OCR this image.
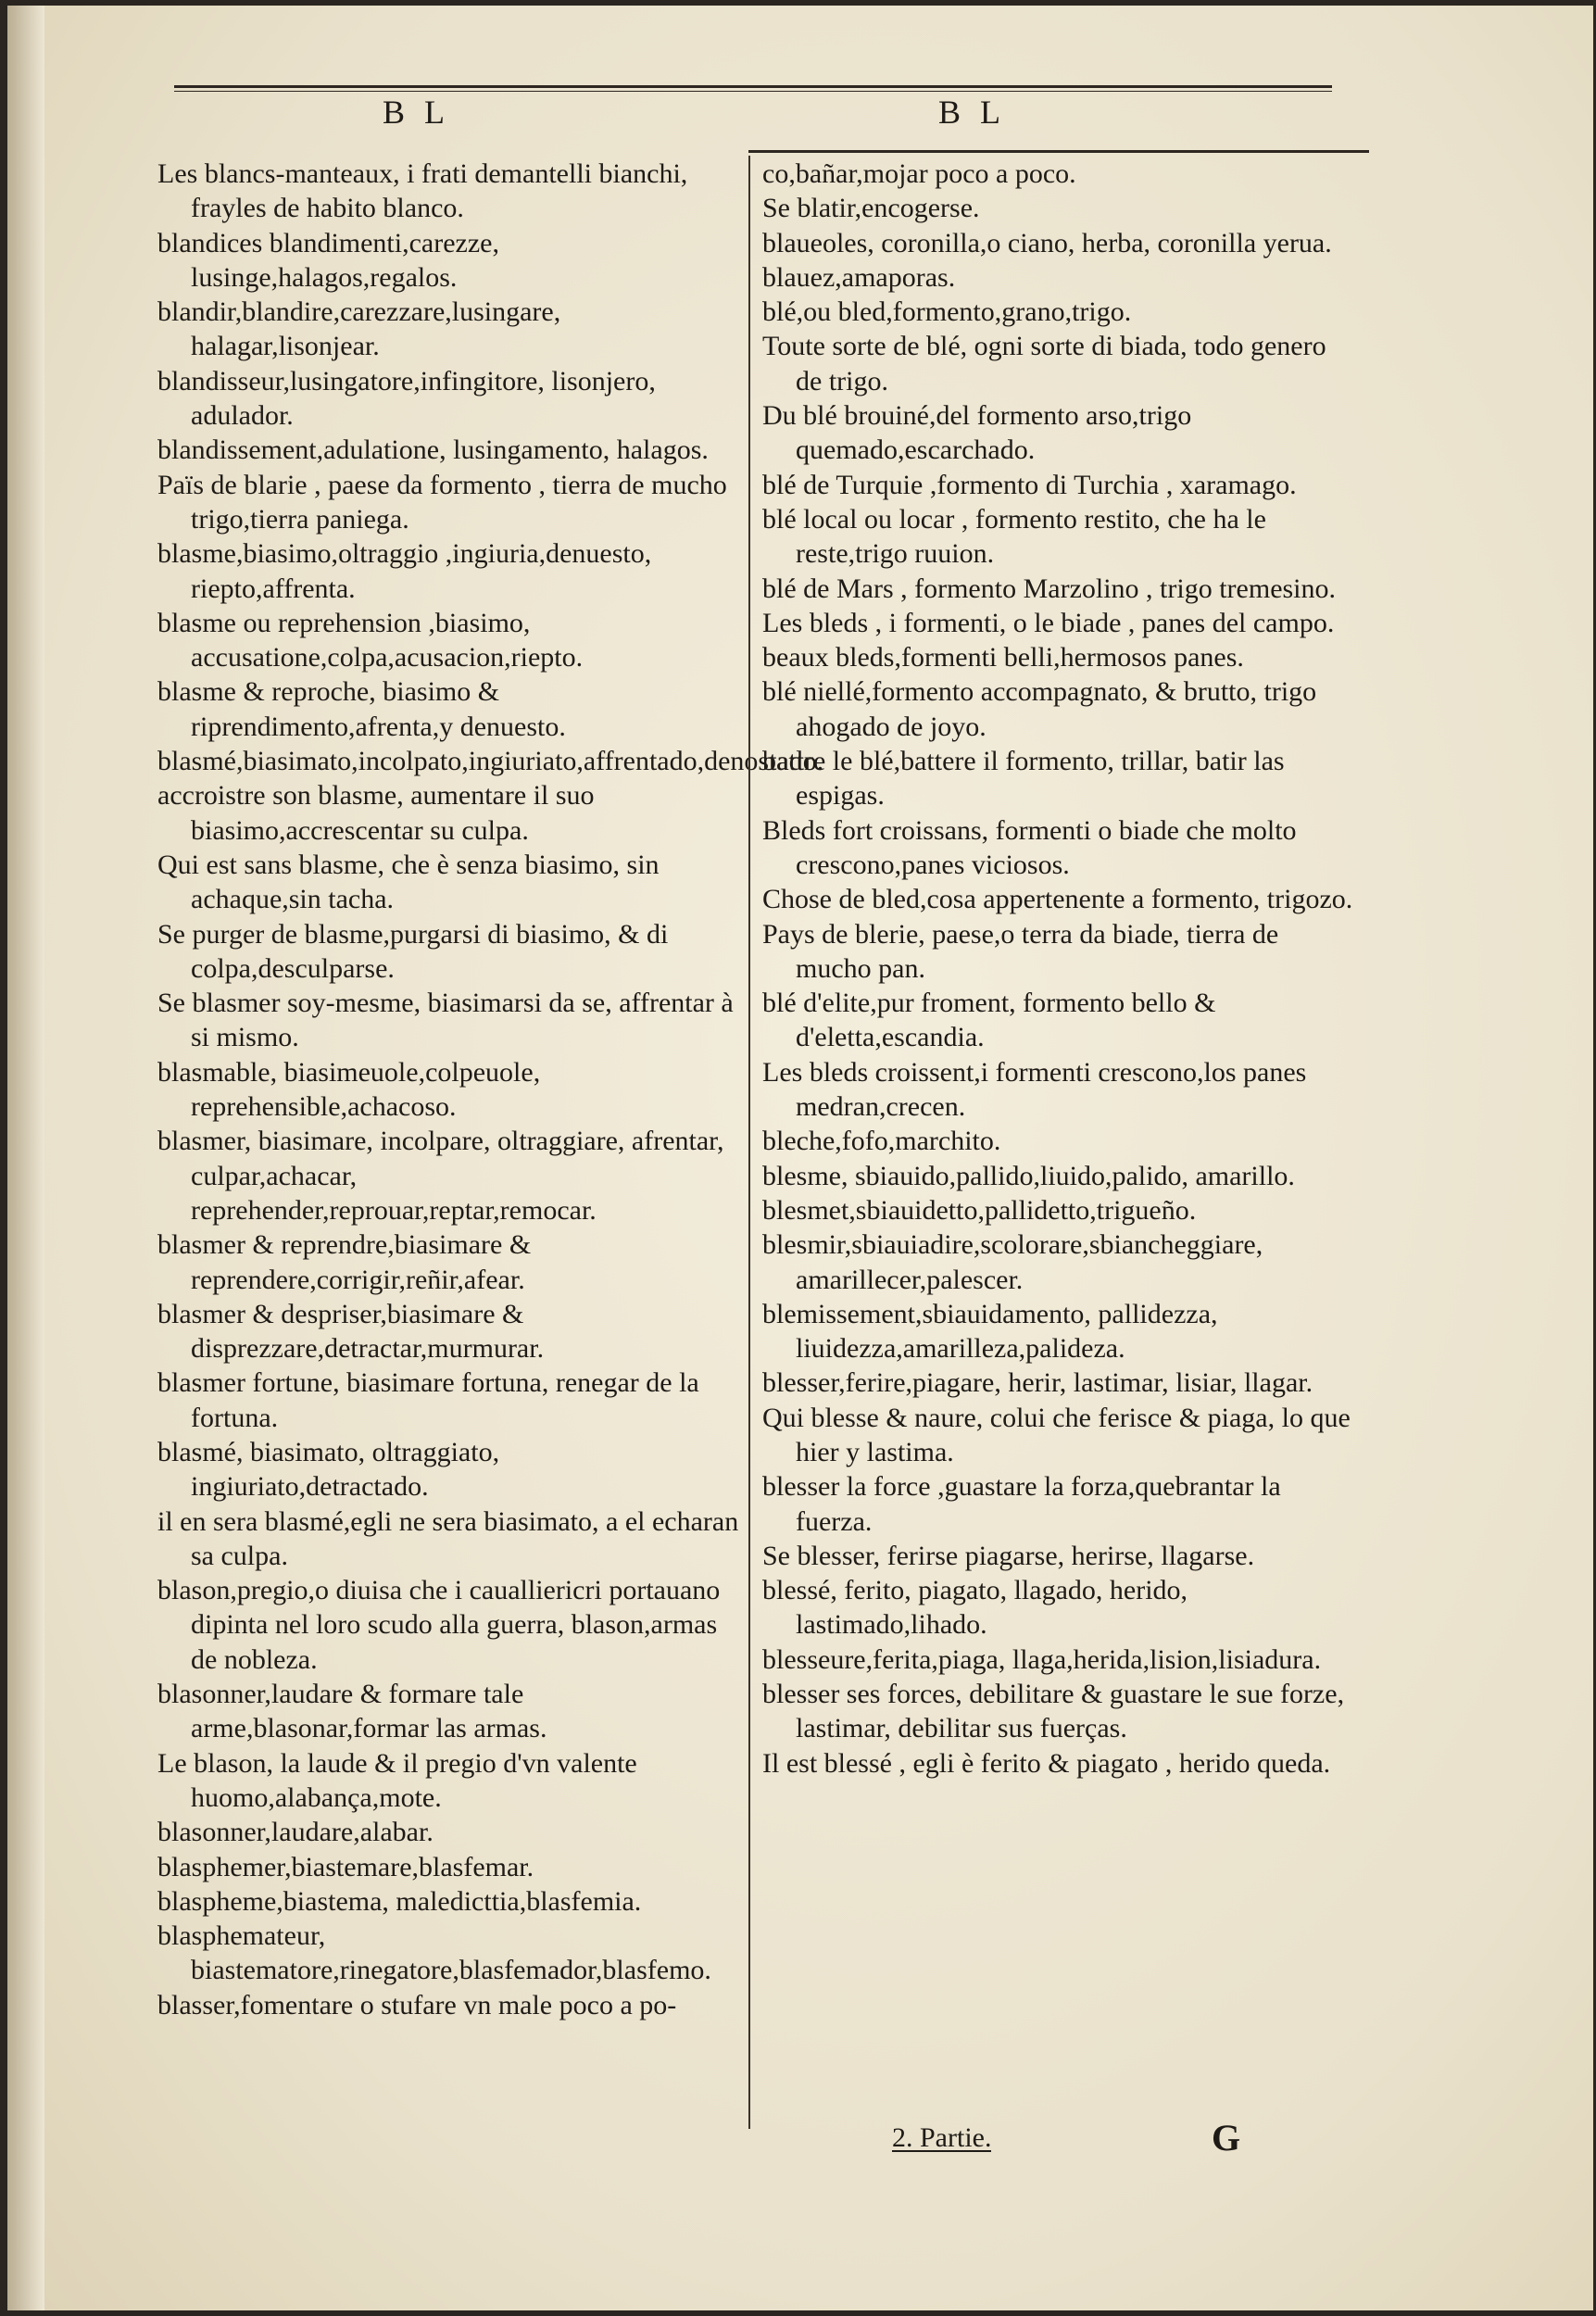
B L	B L

Les blancs-manteaux, i frati demantelli bianchi, frayles de habito blanco.

blandices blandimenti,carezze, lusinge,halagos,regalos.

blandir,blandire,carezzare,lusingare, halagar,lisonjear.

blandisseur,lusingatore,infingitore, lisonjero, adulador.

blandissement,adulatione, lusingamento, halagos.

Païs de blarie , paese da formento , tierra de mucho trigo,tierra paniega.

blasme,biasimo,oltraggio ,ingiuria,denuesto, riepto,affrenta.

blasme ou reprehension ,biasimo, accusatione,colpa,acusacion,riepto.

blasme & reproche, biasimo & riprendimento,afrenta,y denuesto.

blasmé,biasimato,incolpato,ingiuriato,affrentado,denostado.

accroistre son blasme, aumentare il suo biasimo,accrescentar su culpa.

Qui est sans blasme, che è senza biasimo, sin achaque,sin tacha.

Se purger de blasme,purgarsi di biasimo, & di colpa,desculparse.

Se blasmer soy-mesme, biasimarsi da se, affrentar à si mismo.

blasmable, biasimeuole,colpeuole, reprehensible,achacoso.

blasmer, biasimare, incolpare, oltraggiare, afrentar, culpar,achacar, reprehender,reprouar,reptar,remocar.

blasmer & reprendre,biasimare & reprendere,corrigir,reñir,afear.

blasmer & despriser,biasimare & disprezzare,detractar,murmurar.

blasmer fortune, biasimare fortuna, renegar de la fortuna.

blasmé, biasimato, oltraggiato, ingiuriato,detractado.

il en sera blasmé,egli ne sera biasimato, a el echaran sa culpa.

blason,pregio,o diuisa che i caualliericri portauano dipinta nel loro scudo alla guerra, blason,armas de nobleza.

blasonner,laudare & formare tale arme,blasonar,formar las armas.

Le blason, la laude & il pregio d'vn valente huomo,alabança,mote.

blasonner,laudare,alabar.

blasphemer,biastemare,blasfemar.

blaspheme,biastema, maledicttia,blasfemia.

blasphemateur, biastematore,rinegatore,blasfemador,blasfemo.

blasser,fomentare o stufare vn male poco a po-

co,bañar,mojar poco a poco.

Se blatir,encogerse.

blaueoles, coronilla,o ciano, herba, coronilla yerua.

blauez,amaporas.

blé,ou bled,formento,grano,trigo.

Toute sorte de blé, ogni sorte di biada, todo genero de trigo.

Du blé brouiné,del formento arso,trigo quemado,escarchado.

blé de Turquie ,formento di Turchia , xaramago.

blé local ou locar , formento restito, che ha le reste,trigo ruuion.

blé de Mars , formento Marzolino , trigo tremesino.

Les bleds , i formenti, o le biade , panes del campo.

beaux bleds,formenti belli,hermosos panes.

blé niellé,formento accompagnato, & brutto, trigo ahogado de joyo.

battre le blé,battere il formento, trillar, batir las espigas.

Bleds fort croissans, formenti o biade che molto crescono,panes viciosos.

Chose de bled,cosa appertenente a formento, trigozo.

Pays de blerie, paese,o terra da biade, tierra de mucho pan.

blé d'elite,pur froment, formento bello & d'eletta,escandia.

Les bleds croissent,i formenti crescono,los panes medran,crecen.

bleche,fofo,marchito.

blesme, sbiauido,pallido,liuido,palido, amarillo.

blesmet,sbiauidetto,pallidetto,trigueño.

blesmir,sbiauiadire,scolorare,sbiancheggiare, amarillecer,palescer.

blemissement,sbiauidamento, pallidezza, liuidezza,amarilleza,palideza.

blesser,ferire,piagare, herir, lastimar, lisiar, llagar.

Qui blesse & naure, colui che ferisce & piaga, lo que hier y lastima.

blesser la force ,guastare la forza,quebrantar la fuerza.

Se blesser, ferirse piagarse, herirse, llagarse.

blessé, ferito, piagato, llagado, herido, lastimado,lihado.

blesseure,ferita,piaga, llaga,herida,lision,lisiadura.

blesser ses forces, debilitare & guastare le sue forze, lastimar, debilitar sus fuerças.

Il est blessé , egli è ferito & piagato , herido queda.

2. Partie.	G
